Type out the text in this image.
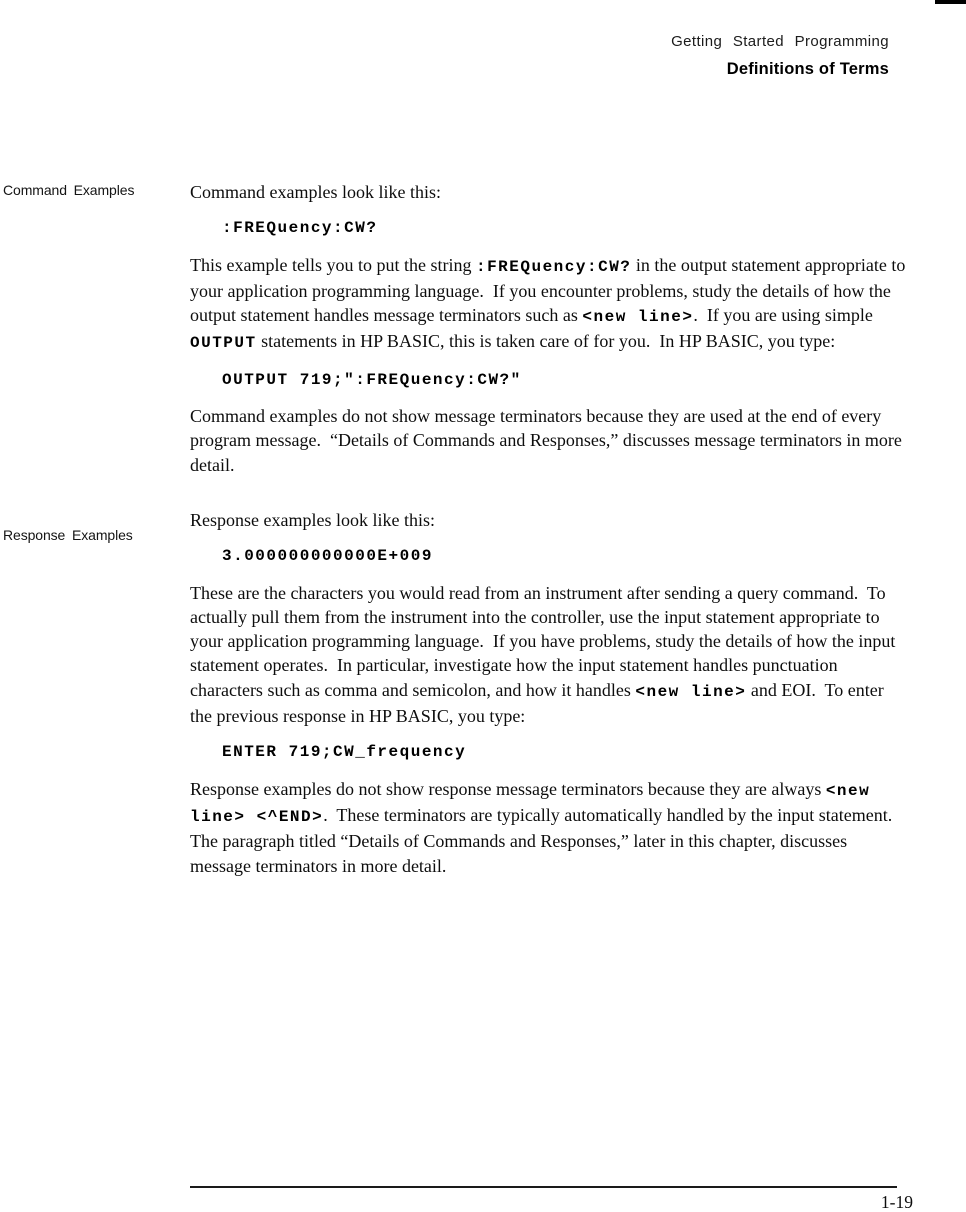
Getting Started Programming
Definitions of Terms
Command Examples
Response Examples
Command examples look like this:
:FREQuency:CW?
This example tells you to put the string :FREQuency:CW? in the output statement appropriate to your application programming language.  If you encounter problems, study the details of how the output statement handles message terminators such as <new line>.  If you are using simple OUTPUT statements in HP BASIC, this is taken care of for you.  In HP BASIC, you type:
OUTPUT 719;":FREQuency:CW?"
Command examples do not show message terminators because they are used at the end of every program message.  “Details of Commands and Responses,” discusses message terminators in more detail.
Response examples look like this:
3.000000000000E+009
These are the characters you would read from an instrument after sending a query command.  To actually pull them from the instrument into the controller, use the input statement appropriate to your application programming language.  If you have problems, study the details of how the input statement operates.  In particular, investigate how the input statement handles punctuation characters such as comma and semicolon, and how it handles <new line> and EOI.  To enter the previous response in HP BASIC, you type:
ENTER 719;CW_frequency
Response examples do not show response message terminators because they are always <new line> <^END>.  These terminators are typically automatically handled by the input statement.  The paragraph titled “Details of Commands and Responses,” later in this chapter, discusses message terminators in more detail.
1-19
